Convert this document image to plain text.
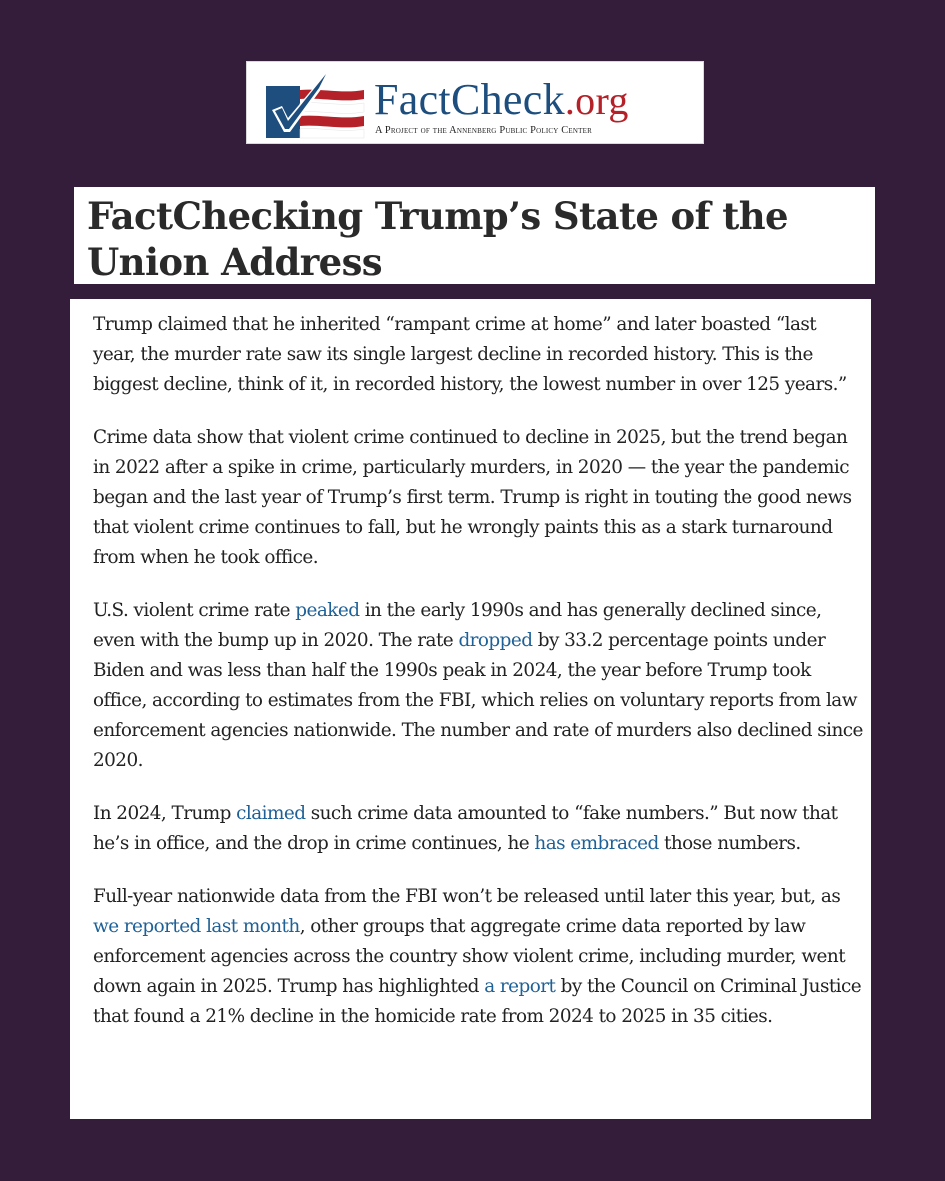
FactCheck.org
A Project of the Annenberg Public Policy Center
FactChecking Trump’s State of the Union Address

Trump claimed that he inherited “rampant crime at home” and later boasted “last year, the murder rate saw its single largest decline in recorded history. This is the biggest decline, think of it, in recorded history, the lowest number in over 125 years.”

Crime data show that violent crime continued to decline in 2025, but the trend began in 2022 after a spike in crime, particularly murders, in 2020 — the year the pandemic began and the last year of Trump’s first term. Trump is right in touting the good news that violent crime continues to fall, but he wrongly paints this as a stark turnaround from when he took office.

U.S. violent crime rate peaked in the early 1990s and has generally declined since, even with the bump up in 2020. The rate dropped by 33.2 percentage points under Biden and was less than half the 1990s peak in 2024, the year before Trump took office, according to estimates from the FBI, which relies on voluntary reports from law enforcement agencies nationwide. The number and rate of murders also declined since 2020.

In 2024, Trump claimed such crime data amounted to “fake numbers.” But now that he’s in office, and the drop in crime continues, he has embraced those numbers.

Full-year nationwide data from the FBI won’t be released until later this year, but, as we reported last month, other groups that aggregate crime data reported by law enforcement agencies across the country show violent crime, including murder, went down again in 2025. Trump has highlighted a report by the Council on Criminal Justice that found a 21% decline in the homicide rate from 2024 to 2025 in 35 cities.
